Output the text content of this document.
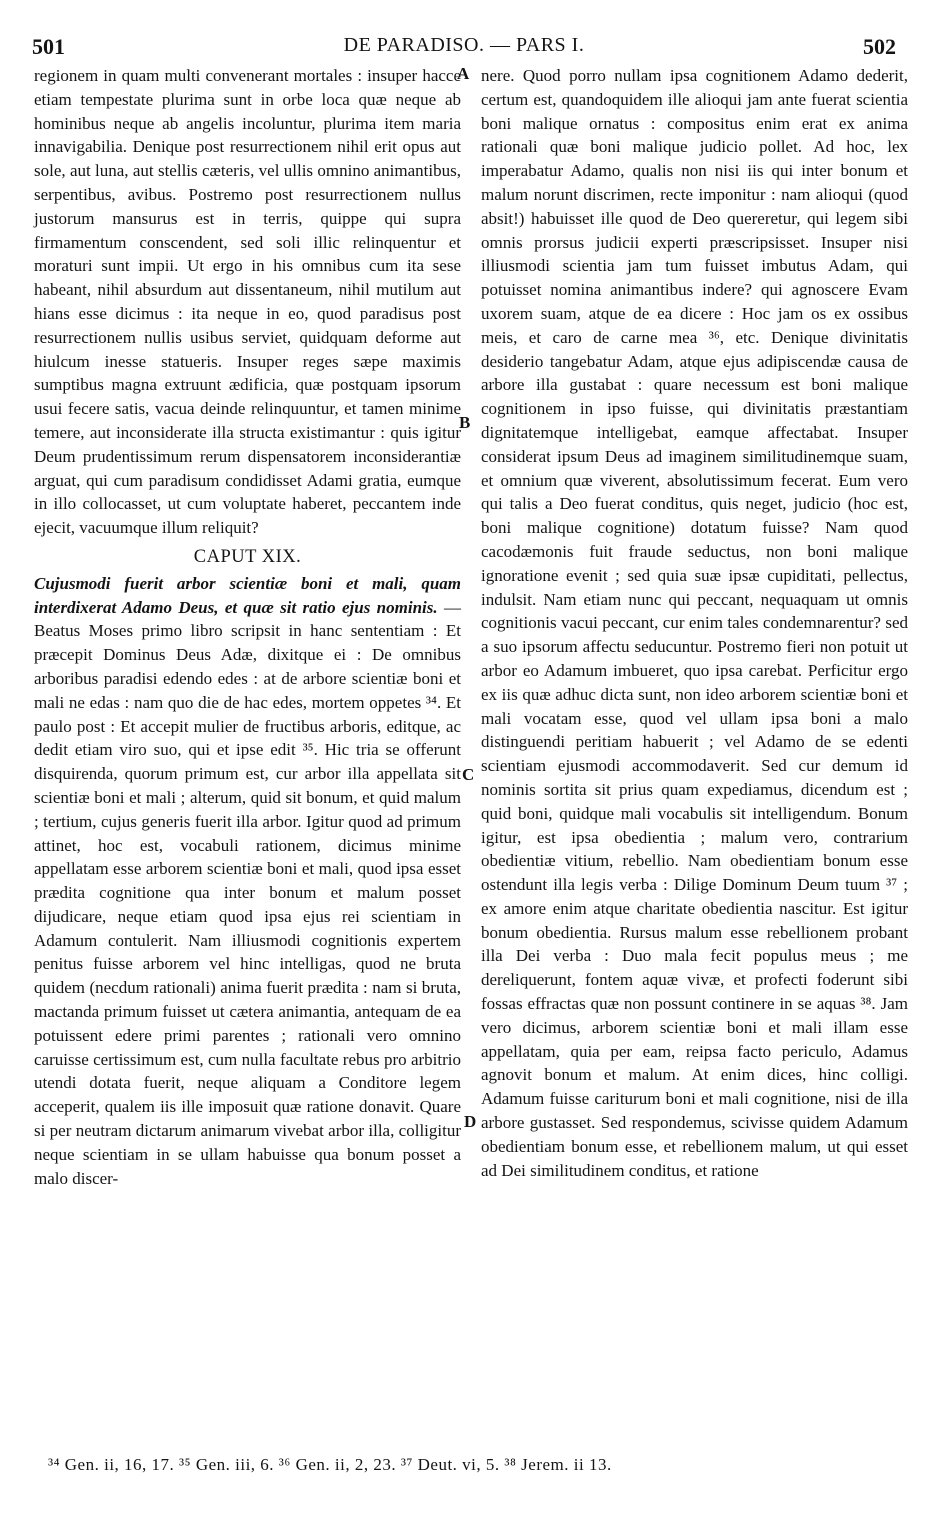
501	DE PARADISO. — PARS I.	502

regionem in quam multi convenerant mortales : insuper hacce etiam tempestate plurima sunt in orbe loca quæ neque ab hominibus neque ab angelis incoluntur, plurima item maria innavigabilia. Denique post resurrectionem nihil erit opus aut sole, aut luna, aut stellis cæteris, vel ullis omnino animantibus, serpentibus, avibus. Postremo post resurrectionem nullus justorum mansurus est in terris, quippe qui supra firmamentum conscendent, sed soli illic relinquentur et moraturi sunt impii. Ut ergo in his omnibus cum ita sese habeant, nihil absurdum aut dissentaneum, nihil mutilum aut hians esse dicimus : ita neque in eo, quod paradisus post resurrectionem nullis usibus serviet, quidquam deforme aut hiulcum inesse statueris. Insuper reges sæpe maximis sumptibus magna extruunt ædificia, quæ postquam ipsorum usui fecere satis, vacua deinde relinquuntur, et tamen minime temere, aut inconsiderate illa structa existimantur : quis igitur Deum prudentissimum rerum dispensatorem inconsiderantiæ arguat, qui cum paradisum condidisset Adami gratia, eumque in illo collocasset, ut cum voluptate haberet, peccantem inde ejecit, vacuumque illum reliquit?

CAPUT XIX.

Cujusmodi fuerit arbor scientiæ boni et mali, quam interdixerat Adamo Deus, et quæ sit ratio ejus nominis. — Beatus Moses primo libro scripsit in hanc sententiam : Et præcepit Dominus Deus Adæ, dixitque ei : De omnibus arboribus paradisi edendo edes : at de arbore scientiæ boni et mali ne edas : nam quo die de hac edes, mortem oppetes ³⁴. Et paulo post : Et accepit mulier de fructibus arboris, editque, ac dedit etiam viro suo, qui et ipse edit ³⁵. Hic tria se offerunt disquirenda, quorum primum est, cur arbor illa appellata sit scientiæ boni et mali ; alterum, quid sit bonum, et quid malum ; tertium, cujus generis fuerit illa arbor. Igitur quod ad primum attinet, hoc est, vocabuli rationem, dicimus minime appellatam esse arborem scientiæ boni et mali, quod ipsa esset prædita cognitione qua inter bonum et malum posset dijudicare, neque etiam quod ipsa ejus rei scientiam in Adamum contulerit. Nam illiusmodi cognitionis expertem penitus fuisse arborem vel hinc intelligas, quod ne bruta quidem (necdum rationali) anima fuerit prædita : nam si bruta, mactanda primum fuisset ut cætera animantia, antequam de ea potuissent edere primi parentes ; rationali vero omnino caruisse certissimum est, cum nulla facultate rebus pro arbitrio utendi dotata fuerit, neque aliquam a Conditore legem acceperit, qualem iis ille imposuit quæ ratione donavit. Quare si per neutram dictarum animarum vivebat arbor illa, colligitur neque scientiam in se ullam habuisse qua bonum posset a malo discer-

nere. Quod porro nullam ipsa cognitionem Adamo dederit, certum est, quandoquidem ille alioqui jam ante fuerat scientia boni malique ornatus : compositus enim erat ex anima rationali quæ boni malique judicio pollet. Ad hoc, lex imperabatur Adamo, qualis non nisi iis qui inter bonum et malum norunt discrimen, recte imponitur : nam alioqui (quod absit!) habuisset ille quod de Deo quereretur, qui legem sibi omnis prorsus judicii experti præscripsisset. Insuper nisi illiusmodi scientia jam tum fuisset imbutus Adam, qui potuisset nomina animantibus indere? qui agnoscere Evam uxorem suam, atque de ea dicere : Hoc jam os ex ossibus meis, et caro de carne mea ³⁶, etc. Denique divinitatis desiderio tangebatur Adam, atque ejus adipiscendæ causa de arbore illa gustabat : quare necessum est boni malique cognitionem in ipso fuisse, qui divinitatis præstantiam dignitatemque intelligebat, eamque affectabat. Insuper considerat ipsum Deus ad imaginem similitudinemque suam, et omnium quæ viverent, absolutissimum fecerat. Eum vero qui talis a Deo fuerat conditus, quis neget, judicio (hoc est, boni malique cognitione) dotatum fuisse? Nam quod cacodæmonis fuit fraude seductus, non boni malique ignoratione evenit ; sed quia suæ ipsæ cupiditati, pellectus, indulsit. Nam etiam nunc qui peccant, nequaquam ut omnis cognitionis vacui peccant, cur enim tales condemnarentur? sed a suo ipsorum affectu seducuntur. Postremo fieri non potuit ut arbor eo Adamum imbueret, quo ipsa carebat. Perficitur ergo ex iis quæ adhuc dicta sunt, non ideo arborem scientiæ boni et mali vocatam esse, quod vel ullam ipsa boni a malo distinguendi peritiam habuerit ; vel Adamo de se edenti scientiam ejusmodi accommodaverit. Sed cur demum id nominis sortita sit prius quam expediamus, dicendum est ; quid boni, quidque mali vocabulis sit intelligendum. Bonum igitur, est ipsa obedientia ; malum vero, contrarium obedientiæ vitium, rebellio. Nam obedientiam bonum esse ostendunt illa legis verba : Dilige Dominum Deum tuum ³⁷ ; ex amore enim atque charitate obedientia nascitur. Est igitur bonum obedientia. Rursus malum esse rebellionem probant illa Dei verba : Duo mala fecit populus meus ; me dereliquerunt, fontem aquæ vivæ, et profecti foderunt sibi fossas effractas quæ non possunt continere in se aquas ³⁸. Jam vero dicimus, arborem scientiæ boni et mali illam esse appellatam, quia per eam, reipsa facto periculo, Adamus agnovit bonum et malum. At enim dices, hinc colligi. Adamum fuisse cariturum boni et mali cognitione, nisi de illa arbore gustasset. Sed respondemus, scivisse quidem Adamum obedientiam bonum esse, et rebellionem malum, ut qui esset ad Dei similitudinem conditus, et ratione

A
B
C
D
³⁴ Gen. ii, 16, 17. ³⁵ Gen. iii, 6. ³⁶ Gen. ii, 2, 23. ³⁷ Deut. vi, 5. ³⁸ Jerem. ii 13.
